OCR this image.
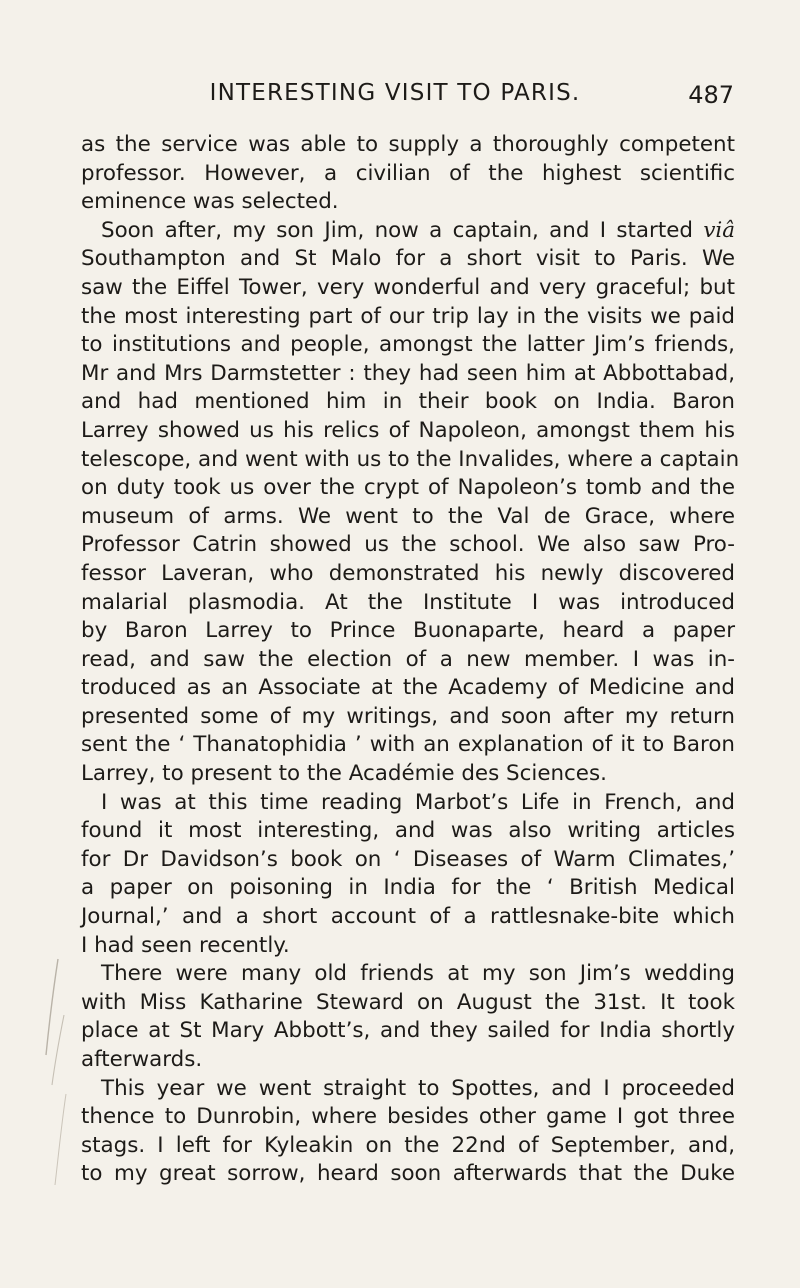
INTERESTING VISIT TO PARIS.	487
as the service was able to supply a thoroughly competent
professor. However, a civilian of the highest scientific
eminence was selected.
Soon after, my son Jim, now a captain, and I started viâ
Southampton and St Malo for a short visit to Paris. We
saw the Eiffel Tower, very wonderful and very graceful; but
the most interesting part of our trip lay in the visits we paid
to institutions and people, amongst the latter Jim’s friends,
Mr and Mrs Darmstetter : they had seen him at Abbottabad,
and had mentioned him in their book on India. Baron
Larrey showed us his relics of Napoleon, amongst them his
telescope, and went with us to the Invalides, where a captain
on duty took us over the crypt of Napoleon’s tomb and the
museum of arms. We went to the Val de Grace, where
Professor Catrin showed us the school. We also saw Pro-
fessor Laveran, who demonstrated his newly discovered
malarial plasmodia. At the Institute I was introduced
by Baron Larrey to Prince Buonaparte, heard a paper
read, and saw the election of a new member. I was in-
troduced as an Associate at the Academy of Medicine and
presented some of my writings, and soon after my return
sent the ‘ Thanatophidia ’ with an explanation of it to Baron
Larrey, to present to the Académie des Sciences.
I was at this time reading Marbot’s Life in French, and
found it most interesting, and was also writing articles
for Dr Davidson’s book on ‘ Diseases of Warm Climates,’
a paper on poisoning in India for the ‘ British Medical
Journal,’ and a short account of a rattlesnake-bite which
I had seen recently.
There were many old friends at my son Jim’s wedding
with Miss Katharine Steward on August the 31st. It took
place at St Mary Abbott’s, and they sailed for India shortly
afterwards.
This year we went straight to Spottes, and I proceeded
thence to Dunrobin, where besides other game I got three
stags. I left for Kyleakin on the 22nd of September, and,
to my great sorrow, heard soon afterwards that the Duke
